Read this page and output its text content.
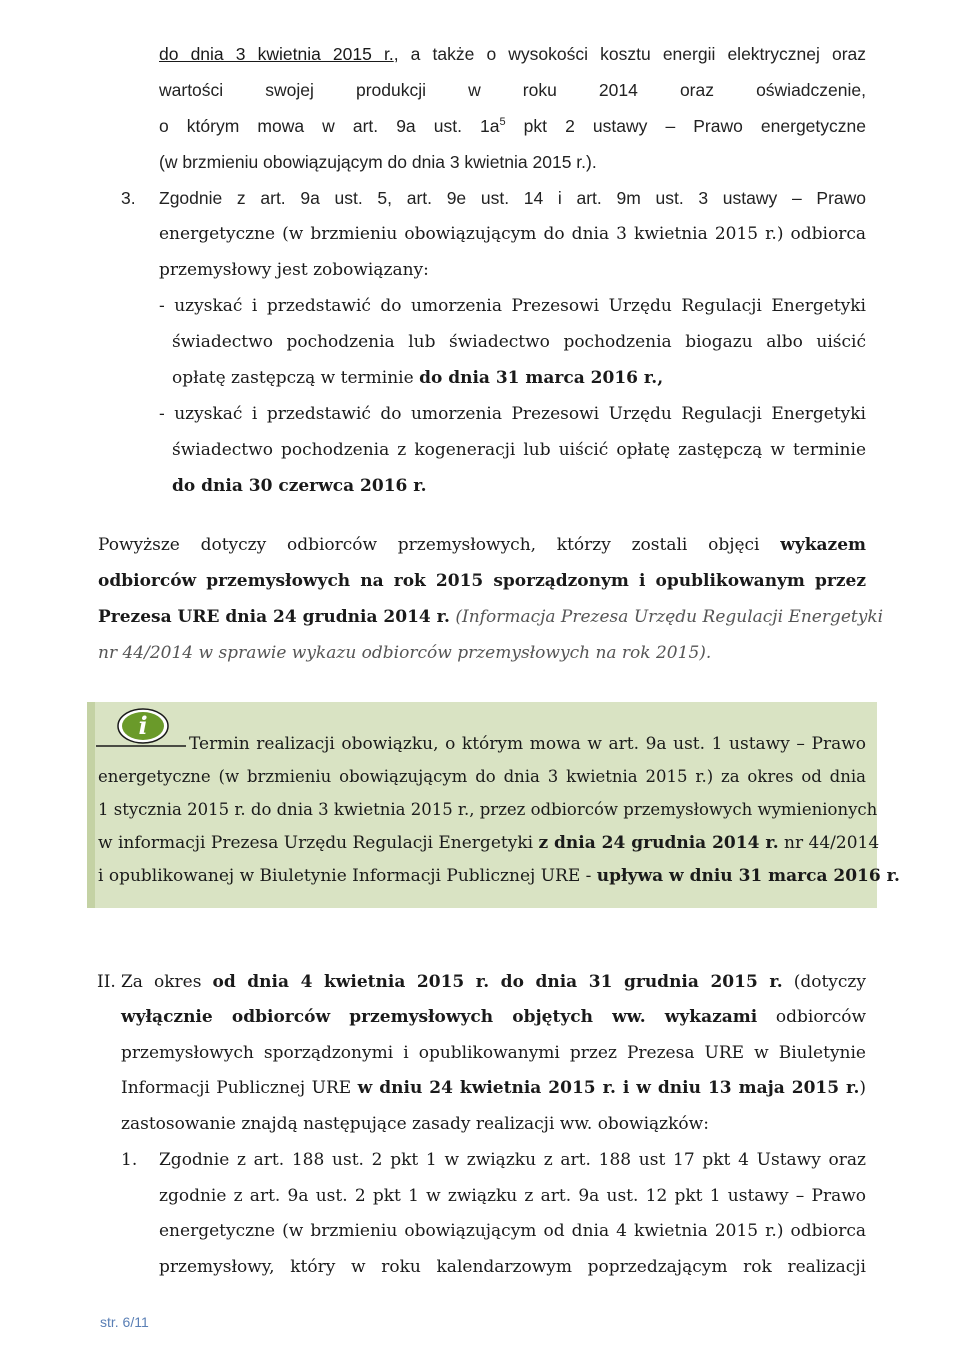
do dnia 3 kwietnia 2015 r., a także o wysokości kosztu energii elektrycznej oraz
wartości swojej produkcji w roku 2014 oraz oświadczenie,
o którym mowa w art. 9a ust. $1a^5$ pkt 2 ustawy – Prawo energetyczne
(w brzmieniu obowiązującym do dnia 3 kwietnia 2015 r.).
3. Zgodnie z art. 9a ust. 5, art. 9e ust. 14 i art. 9m ust. 3 ustawy – Prawo
energetyczne (w brzmieniu obowiązującym do dnia 3 kwietnia 2015 r.) odbiorca
przemysłowy jest zobowiązany:
- uzyskać i przedstawić do umorzenia Prezesowi Urzędu Regulacji Energetyki
świadectwo pochodzenia lub świadectwo pochodzenia biogazu albo uiścić
opłatę zastępczą w terminie do dnia 31 marca 2016 r.,
- uzyskać i przedstawić do umorzenia Prezesowi Urzędu Regulacji Energetyki
świadectwo pochodzenia z kogeneracji lub uiścić opłatę zastępczą w terminie
do dnia 30 czerwca 2016 r.
Powyższe dotyczy odbiorców przemysłowych, którzy zostali objęci wykazem
odbiorców przemysłowych na rok 2015 sporządzonym i opublikowanym przez
Prezesa URE dnia 24 grudnia 2014 r. (Informacja Prezesa Urzędu Regulacji Energetyki
nr 44/2014 w sprawie wykazu odbiorców przemysłowych na rok 2015).
i
Termin realizacji obowiązku, o którym mowa w art. 9a ust. 1 ustawy – Prawo
energetyczne (w brzmieniu obowiązującym do dnia 3 kwietnia 2015 r.) za okres od dnia
1 stycznia 2015 r. do dnia 3 kwietnia 2015 r., przez odbiorców przemysłowych wymienionych
w informacji Prezesa Urzędu Regulacji Energetyki z dnia 24 grudnia 2014 r. nr 44/2014
i opublikowanej w Biuletynie Informacji Publicznej URE - upływa w dniu 31 marca 2016 r.
II. Za okres od dnia 4 kwietnia 2015 r. do dnia 31 grudnia 2015 r. (dotyczy
wyłącznie odbiorców przemysłowych objętych ww. wykazami odbiorców
przemysłowych sporządzonymi i opublikowanymi przez Prezesa URE w Biuletynie
Informacji Publicznej URE w dniu 24 kwietnia 2015 r. i w dniu 13 maja 2015 r.)
zastosowanie znajdą następujące zasady realizacji ww. obowiązków:
1. Zgodnie z art. 188 ust. 2 pkt 1 w związku z art. 188 ust 17 pkt 4 Ustawy oraz
zgodnie z art. 9a ust. 2 pkt 1 w związku z art. 9a ust. 12 pkt 1 ustawy – Prawo
energetyczne (w brzmieniu obowiązującym od dnia 4 kwietnia 2015 r.) odbiorca
przemysłowy, który w roku kalendarzowym poprzedzającym rok realizacji
str. 6/11
